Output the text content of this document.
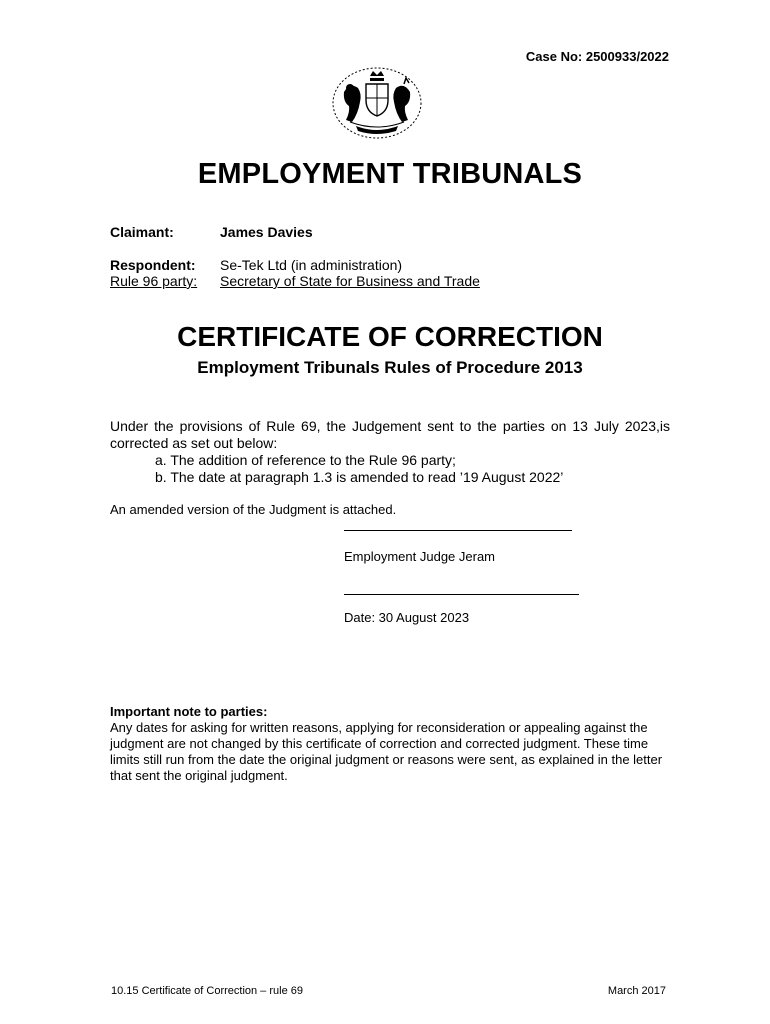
Case No: 2500933/2022
EMPLOYMENT TRIBUNALS
Claimant:	James Davies
Respondent:	Se-Tek Ltd (in administration)
Rule 96 party:	Secretary of State for Business and Trade
CERTIFICATE OF CORRECTION
Employment Tribunals Rules of Procedure 2013
Under the provisions of Rule 69, the Judgement sent to the parties on 13 July 2023,is corrected as set out below:
a. The addition of reference to the Rule 96 party;
b. The date at paragraph 1.3 is amended to read ’19 August 2022’
An amended version of the Judgment is attached.
Employment Judge Jeram
Date: 30 August 2023
Important note to parties:
Any dates for asking for written reasons, applying for reconsideration or appealing against the judgment are not changed by this certificate of correction and corrected judgment. These time limits still run from the date the original judgment or reasons were sent, as explained in the letter that sent the original judgment.
10.15 Certificate of Correction – rule 69	March 2017
